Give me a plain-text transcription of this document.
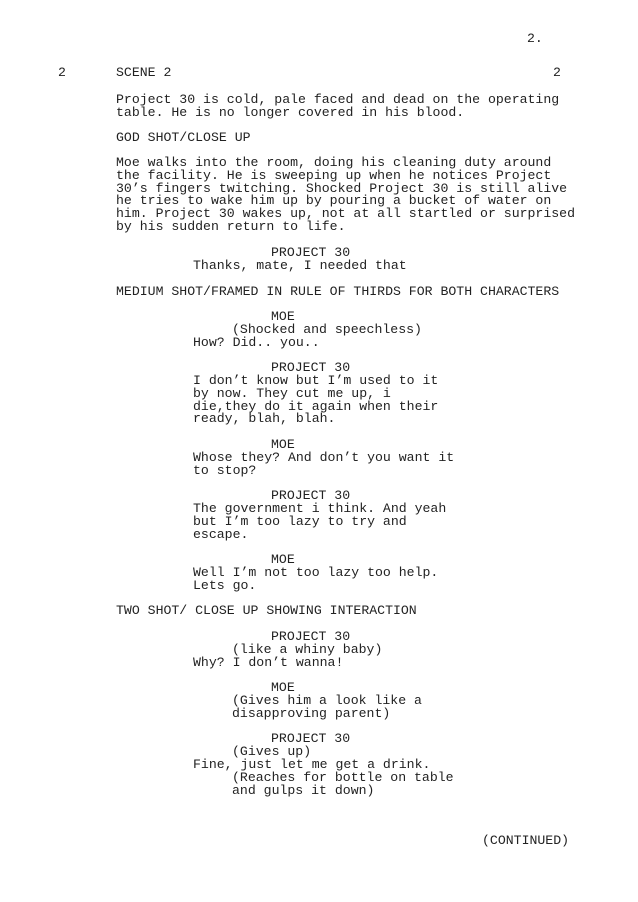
2.
2	SCENE 2	2
Project 30 is cold, pale faced and dead on the operating
table. He is no longer covered in his blood.
GOD SHOT/CLOSE UP
Moe walks into the room, doing his cleaning duty around
the facility. He is sweeping up when he notices Project
30’s fingers twitching. Shocked Project 30 is still alive
he tries to wake him up by pouring a bucket of water on
him. Project 30 wakes up, not at all startled or surprised
by his sudden return to life.
PROJECT 30
Thanks, mate, I needed that
MEDIUM SHOT/FRAMED IN RULE OF THIRDS FOR BOTH CHARACTERS
MOE
(Shocked and speechless)
How? Did.. you..
PROJECT 30
I don’t know but I’m used to it
by now. They cut me up, i
die,they do it again when their
ready, blah, blah.
MOE
Whose they? And don’t you want it
to stop?
PROJECT 30
The government i think. And yeah
but I’m too lazy to try and
escape.
MOE
Well I’m not too lazy too help.
Lets go.
TWO SHOT/ CLOSE UP SHOWING INTERACTION
PROJECT 30
(like a whiny baby)
Why? I don’t wanna!
MOE
(Gives him a look like a
disapproving parent)
PROJECT 30
(Gives up)
Fine, just let me get a drink.
(Reaches for bottle on table
and gulps it down)
(CONTINUED)
